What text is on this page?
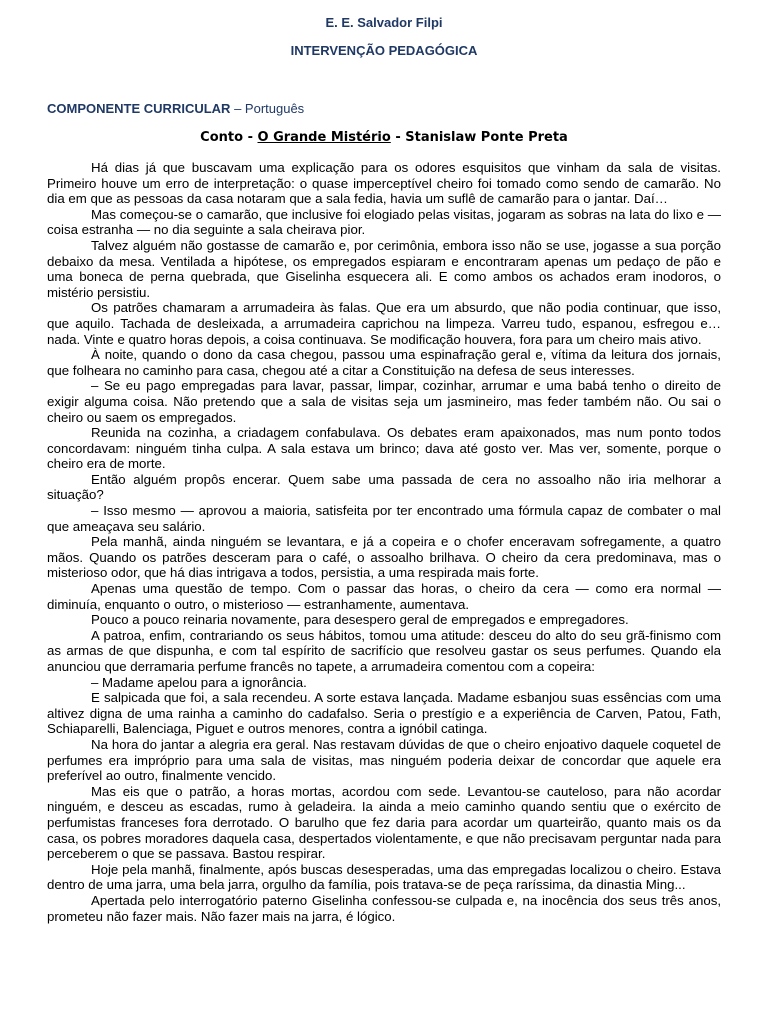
E. E. Salvador Filpi
INTERVENÇÃO PEDAGÓGICA
COMPONENTE CURRICULAR – Português
Conto - O Grande Mistério - Stanislaw Ponte Preta

Há dias já que buscavam uma explicação para os odores esquisitos que vinham da sala de visitas. Primeiro houve um erro de interpretação: o quase imperceptível cheiro foi tomado como sendo de camarão. No dia em que as pessoas da casa notaram que a sala fedia, havia um suflê de camarão para o jantar. Daí…

Mas começou-se o camarão, que inclusive foi elogiado pelas visitas, jogaram as sobras na lata do lixo e — coisa estranha — no dia seguinte a sala cheirava pior.

Talvez alguém não gostasse de camarão e, por cerimônia, embora isso não se use, jogasse a sua porção debaixo da mesa. Ventilada a hipótese, os empregados espiaram e encontraram apenas um pedaço de pão e uma boneca de perna quebrada, que Giselinha esquecera ali. E como ambos os achados eram inodoros, o mistério persistiu.

Os patrões chamaram a arrumadeira às falas. Que era um absurdo, que não podia continuar, que isso, que aquilo. Tachada de desleixada, a arrumadeira caprichou na limpeza. Varreu tudo, espanou, esfregou e… nada. Vinte e quatro horas depois, a coisa continuava. Se modificação houvera, fora para um cheiro mais ativo.

À noite, quando o dono da casa chegou, passou uma espinafração geral e, vítima da leitura dos jornais, que folheara no caminho para casa, chegou até a citar a Constituição na defesa de seus interesses.

– Se eu pago empregadas para lavar, passar, limpar, cozinhar, arrumar e uma babá tenho o direito de exigir alguma coisa. Não pretendo que a sala de visitas seja um jasmineiro, mas feder também não. Ou sai o cheiro ou saem os empregados.

Reunida na cozinha, a criadagem confabulava. Os debates eram apaixonados, mas num ponto todos concordavam: ninguém tinha culpa. A sala estava um brinco; dava até gosto ver. Mas ver, somente, porque o cheiro era de morte.

Então alguém propôs encerar. Quem sabe uma passada de cera no assoalho não iria melhorar a situação?

– Isso mesmo — aprovou a maioria, satisfeita por ter encontrado uma fórmula capaz de combater o mal que ameaçava seu salário.

Pela manhã, ainda ninguém se levantara, e já a copeira e o chofer enceravam sofregamente, a quatro mãos. Quando os patrões desceram para o café, o assoalho brilhava. O cheiro da cera predominava, mas o misterioso odor, que há dias intrigava a todos, persistia, a uma respirada mais forte.

Apenas uma questão de tempo. Com o passar das horas, o cheiro da cera — como era normal — diminuía, enquanto o outro, o misterioso — estranhamente, aumentava.

Pouco a pouco reinaria novamente, para desespero geral de empregados e empregadores.

A patroa, enfim, contrariando os seus hábitos, tomou uma atitude: desceu do alto do seu grã-finismo com as armas de que dispunha, e com tal espírito de sacrifício que resolveu gastar os seus perfumes. Quando ela anunciou que derramaria perfume francês no tapete, a arrumadeira comentou com a copeira:

– Madame apelou para a ignorância.

E salpicada que foi, a sala recendeu. A sorte estava lançada. Madame esbanjou suas essências com uma altivez digna de uma rainha a caminho do cadafalso. Seria o prestígio e a experiência de Carven, Patou, Fath, Schiaparelli, Balenciaga, Piguet e outros menores, contra a ignóbil catinga.

Na hora do jantar a alegria era geral. Nas restavam dúvidas de que o cheiro enjoativo daquele coquetel de perfumes era impróprio para uma sala de visitas, mas ninguém poderia deixar de concordar que aquele era preferível ao outro, finalmente vencido.

Mas eis que o patrão, a horas mortas, acordou com sede. Levantou-se cauteloso, para não acordar ninguém, e desceu as escadas, rumo à geladeira. Ia ainda a meio caminho quando sentiu que o exército de perfumistas franceses fora derrotado. O barulho que fez daria para acordar um quarteirão, quanto mais os da casa, os pobres moradores daquela casa, despertados violentamente, e que não precisavam perguntar nada para perceberem o que se passava. Bastou respirar.

Hoje pela manhã, finalmente, após buscas desesperadas, uma das empregadas localizou o cheiro. Estava dentro de uma jarra, uma bela jarra, orgulho da família, pois tratava-se de peça raríssima, da dinastia Ming...

Apertada pelo interrogatório paterno Giselinha confessou-se culpada e, na inocência dos seus três anos, prometeu não fazer mais. Não fazer mais na jarra, é lógico.
